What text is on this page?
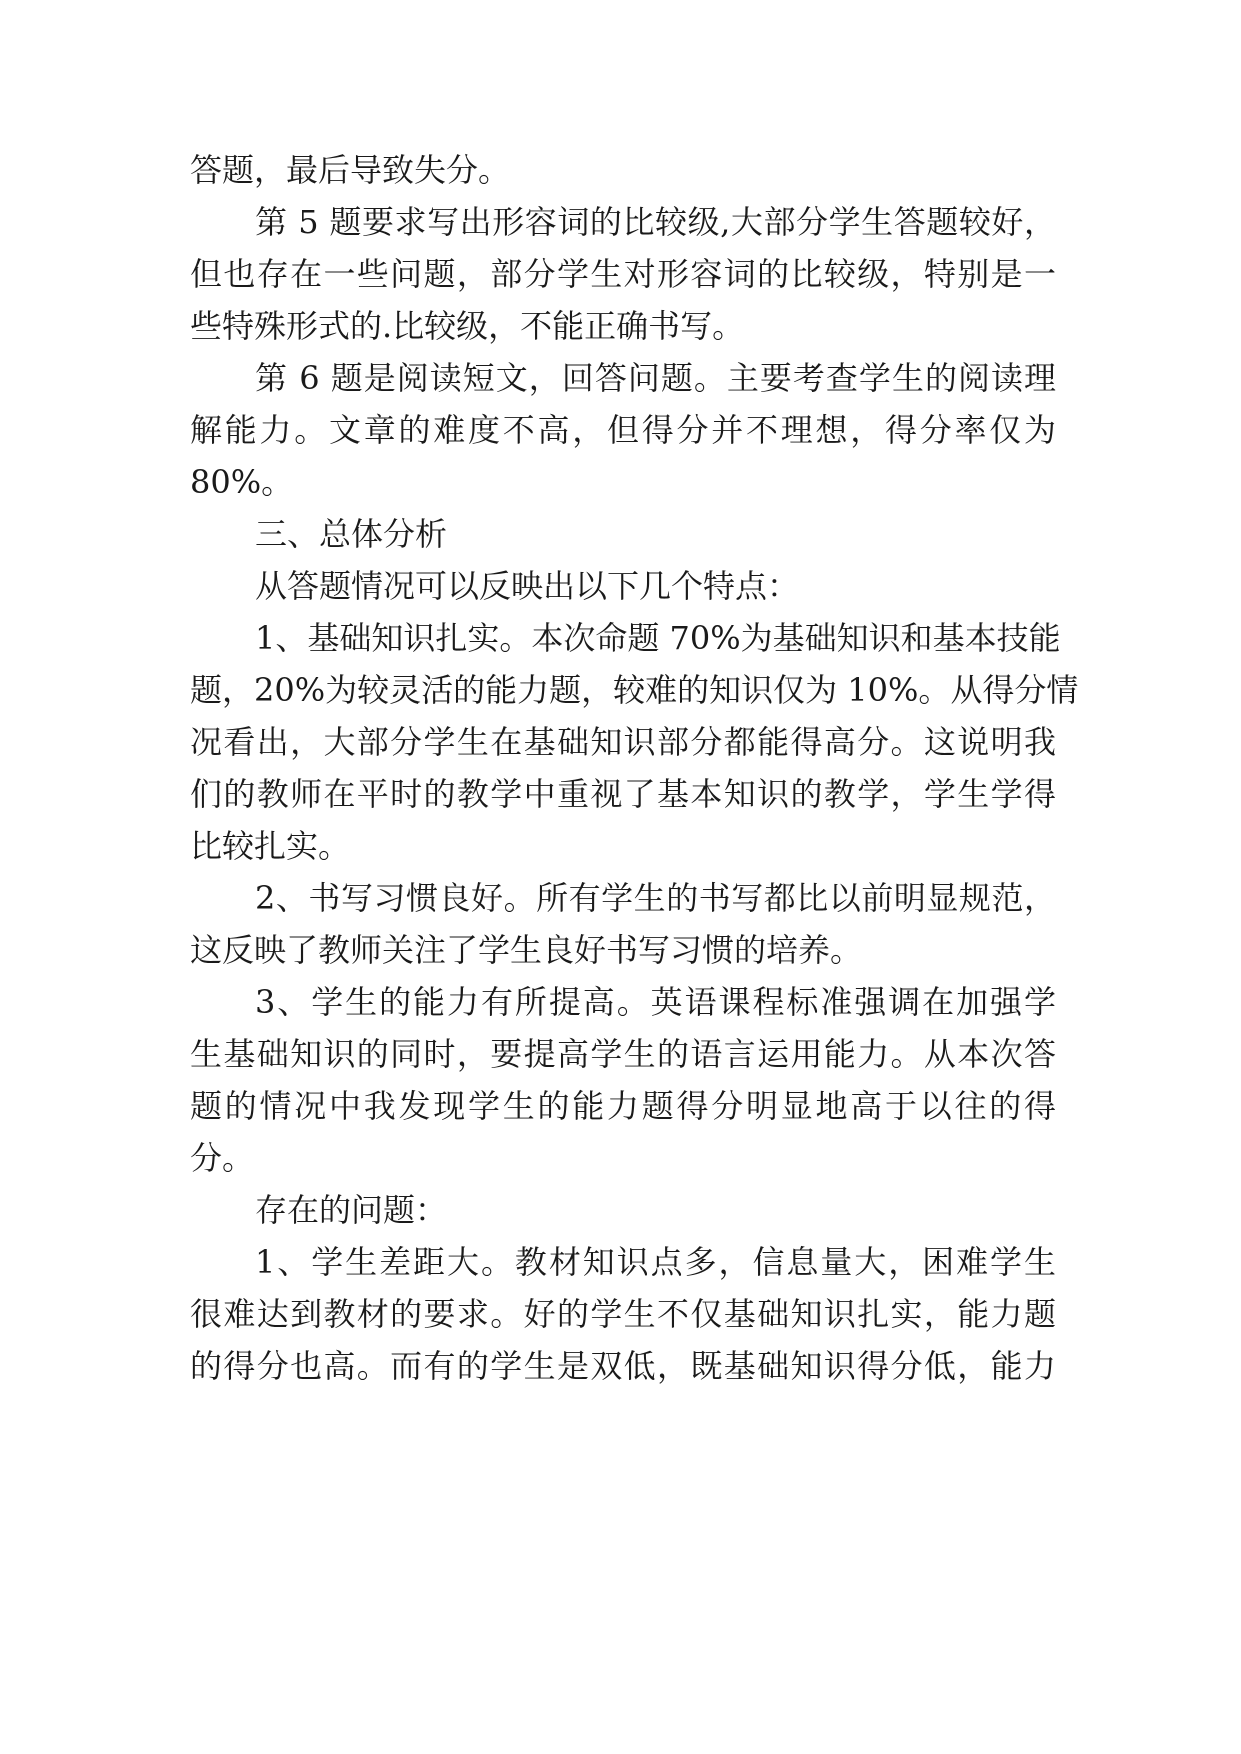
答题，最后导致失分。
第 5 题要求写出形容词的比较级,大部分学生答题较好，
但也存在一些问题，部分学生对形容词的比较级，特别是一
些特殊形式的.比较级，不能正确书写。
第 6 题是阅读短文，回答问题。主要考查学生的阅读理
解能力。文章的难度不高，但得分并不理想，得分率仅为
80%。
三、总体分析
从答题情况可以反映出以下几个特点：
1、基础知识扎实。本次命题 70%为基础知识和基本技能
题，20%为较灵活的能力题，较难的知识仅为 10%。从得分情
况看出，大部分学生在基础知识部分都能得高分。这说明我
们的教师在平时的教学中重视了基本知识的教学，学生学得
比较扎实。
2、书写习惯良好。所有学生的书写都比以前明显规范，
这反映了教师关注了学生良好书写习惯的培养。
3、学生的能力有所提高。英语课程标准强调在加强学
生基础知识的同时，要提高学生的语言运用能力。从本次答
题的情况中我发现学生的能力题得分明显地高于以往的得
分。
存在的问题：
1、学生差距大。教材知识点多，信息量大，困难学生
很难达到教材的要求。好的学生不仅基础知识扎实，能力题
的得分也高。而有的学生是双低，既基础知识得分低，能力
